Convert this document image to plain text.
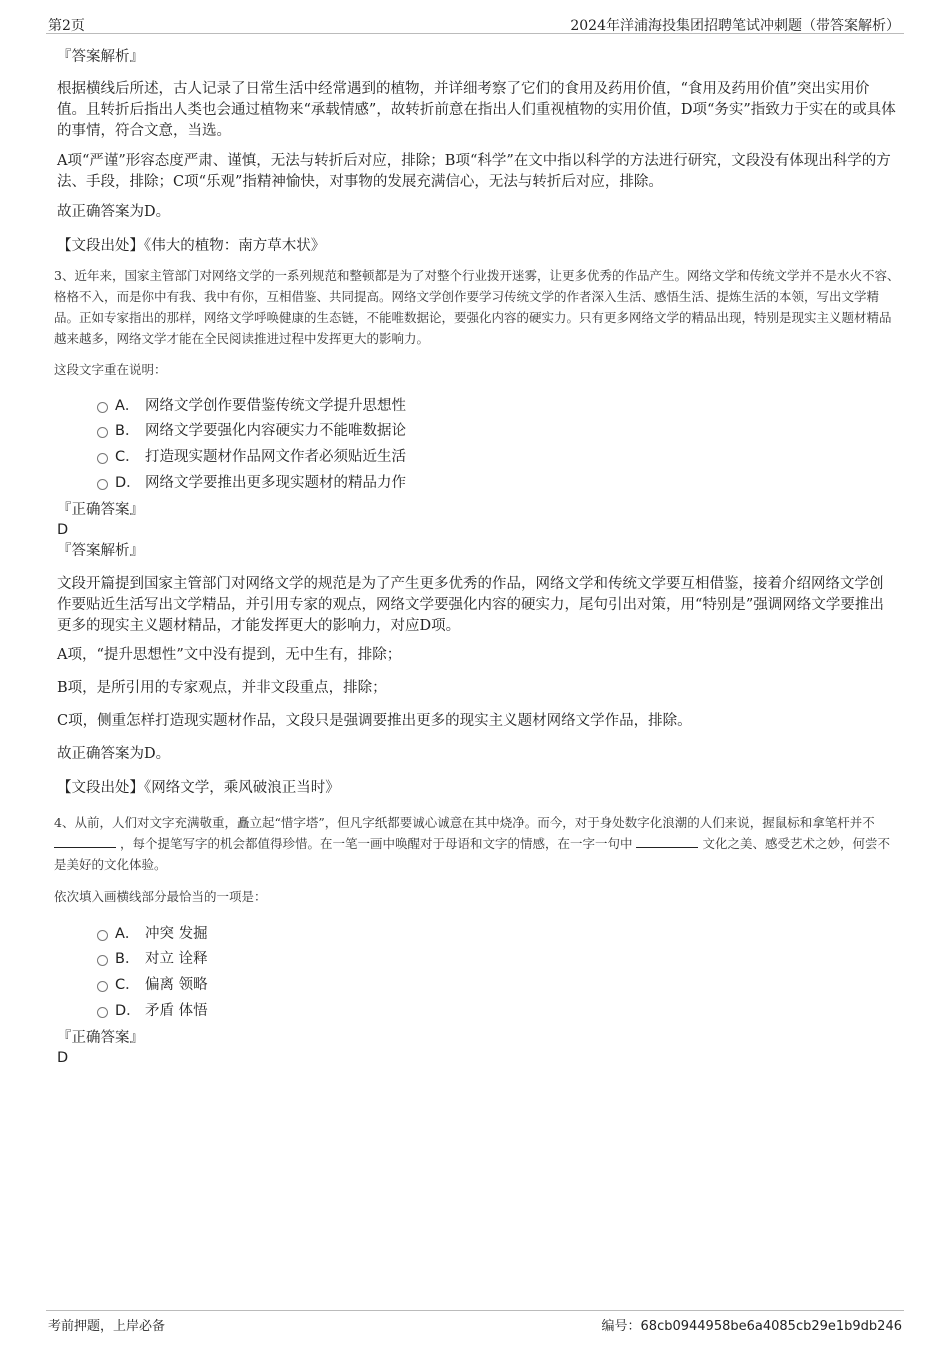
第2页	2024年洋浦海投集团招聘笔试冲刺题（带答案解析）
『答案解析』
根据横线后所述，古人记录了日常生活中经常遇到的植物，并详细考察了它们的食用及药用价值，“食用及药用价值”突出实用价值。且转折后指出人类也会通过植物来“承载情感”，故转折前意在指出人们重视植物的实用价值，D项“务实”指致力于实在的或具体的事情，符合文意，当选。
A项“严谨”形容态度严肃、谨慎，无法与转折后对应，排除；B项“科学”在文中指以科学的方法进行研究，文段没有体现出科学的方法、手段，排除；C项“乐观”指精神愉快，对事物的发展充满信心，无法与转折后对应，排除。
故正确答案为D。
【文段出处】《伟大的植物：南方草木状》
3、近年来，国家主管部门对网络文学的一系列规范和整顿都是为了对整个行业拨开迷雾，让更多优秀的作品产生。网络文学和传统文学并不是水火不容、格格不入，而是你中有我、我中有你，互相借鉴、共同提高。网络文学创作要学习传统文学的作者深入生活、感悟生活、提炼生活的本领，写出文学精品。正如专家指出的那样，网络文学呼唤健康的生态链，不能唯数据论，要强化内容的硬实力。只有更多网络文学的精品出现，特别是现实主义题材精品越来越多，网络文学才能在全民阅读推进过程中发挥更大的影响力。
这段文字重在说明：
A． 网络文学创作要借鉴传统文学提升思想性
B． 网络文学要强化内容硬实力不能唯数据论
C． 打造现实题材作品网文作者必须贴近生活
D． 网络文学要推出更多现实题材的精品力作
『正确答案』
D
『答案解析』
文段开篇提到国家主管部门对网络文学的规范是为了产生更多优秀的作品，网络文学和传统文学要互相借鉴，接着介绍网络文学创作要贴近生活写出文学精品，并引用专家的观点，网络文学要强化内容的硬实力，尾句引出对策，用“特别是”强调网络文学要推出更多的现实主义题材精品，才能发挥更大的影响力，对应D项。
A项，“提升思想性”文中没有提到，无中生有，排除；
B项，是所引用的专家观点，并非文段重点，排除；
C项，侧重怎样打造现实题材作品，文段只是强调要推出更多的现实主义题材网络文学作品，排除。
故正确答案为D。
【文段出处】《网络文学，乘风破浪正当时》
4、从前，人们对文字充满敬重，矗立起“惜字塔”，但凡字纸都要诚心诚意在其中烧净。而今，对于身处数字化浪潮的人们来说，握鼠标和拿笔杆并不  ，每个提笔写字的机会都值得珍惜。在一笔一画中唤醒对于母语和文字的情感，在一字一句中	文化之美、感受艺术之妙，何尝不是美好的文化体验。
依次填入画横线部分最恰当的一项是：
A． 冲突 发掘
B． 对立 诠释
C． 偏离 领略
D． 矛盾 体悟
『正确答案』
D
考前押题，上岸必备	编号：68cb0944958be6a4085cb29e1b9db246
